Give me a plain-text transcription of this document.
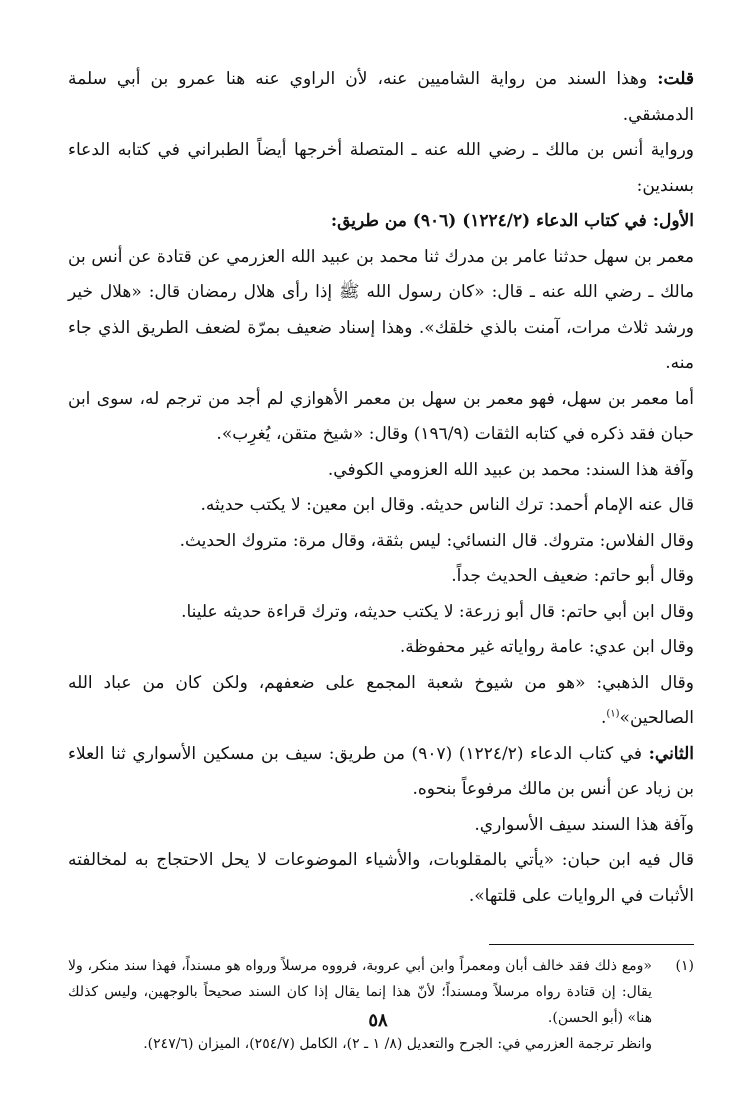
قلت: وهذا السند من رواية الشاميين عنه، لأن الراوي عنه هنا عمرو بن أبي سلمة الدمشقي.

ورواية أنس بن مالك ـ رضي الله عنه ـ المتصلة أخرجها أيضاً الطبراني في كتابه الدعاء بسندين:

الأول: في كتاب الدعاء (١٢٢٤/٢) (٩٠٦) من طريق:

معمر بن سهل حدثنا عامر بن مدرك ثنا محمد بن عبيد الله العزرمي عن قتادة عن أنس بن مالك ـ رضي الله عنه ـ قال: «كان رسول الله ﷺ إذا رأى هلال رمضان قال: «هلال خير ورشد ثلاث مرات، آمنت بالذي خلقك». وهذا إسناد ضعيف بمرّة لضعف الطريق الذي جاء منه.

أما معمر بن سهل، فهو معمر بن سهل بن معمر الأهوازي لم أجد من ترجم له، سوى ابن حبان فقد ذكره في كتابه الثقات (١٩٦/٩) وقال: «شيخ متقن، يُغرِب».

وآفة هذا السند: محمد بن عبيد الله العزومي الكوفي.

قال عنه الإمام أحمد: ترك الناس حديثه. وقال ابن معين: لا يكتب حديثه.

وقال الفلاس: متروك. قال النسائي: ليس بثقة، وقال مرة: متروك الحديث.

وقال أبو حاتم: ضعيف الحديث جداً.

وقال ابن أبي حاتم: قال أبو زرعة: لا يكتب حديثه، وترك قراءة حديثه علينا.

وقال ابن عدي: عامة رواياته غير محفوظة.

وقال الذهبي: «هو من شيوخ شعبة المجمع على ضعفهم، ولكن كان من عباد الله الصالحين»$^{(١)}$.

الثاني: في كتاب الدعاء (١٢٢٤/٢) (٩٠٧) من طريق: سيف بن مسكين الأسواري ثنا العلاء بن زياد عن أنس بن مالك مرفوعاً بنحوه.

وآفة هذا السند سيف الأسواري.

قال فيه ابن حبان: «يأتي بالمقلوبات، والأشياء الموضوعات لا يحل الاحتجاج به لمخالفته الأثبات في الروايات على قلتها».

(١)

«ومع ذلك فقد خالف أبان ومعمراً وابن أبي عروبة، فرووه مرسلاً ورواه هو مسنداً، فهذا سند منكر، ولا يقال: إن قتادة رواه مرسلاً ومسنداً؛ لأنّ هذا إنما يقال إذا كان السند صحيحاً بالوجهين، وليس كذلك هنا» (أبو الحسن).

وانظر ترجمة العزرمي في: الجرح والتعديل (٨/ ١ ـ ٢)، الكامل (٢٥٤/٧)، الميزان (٢٤٧/٦).

٥٨
